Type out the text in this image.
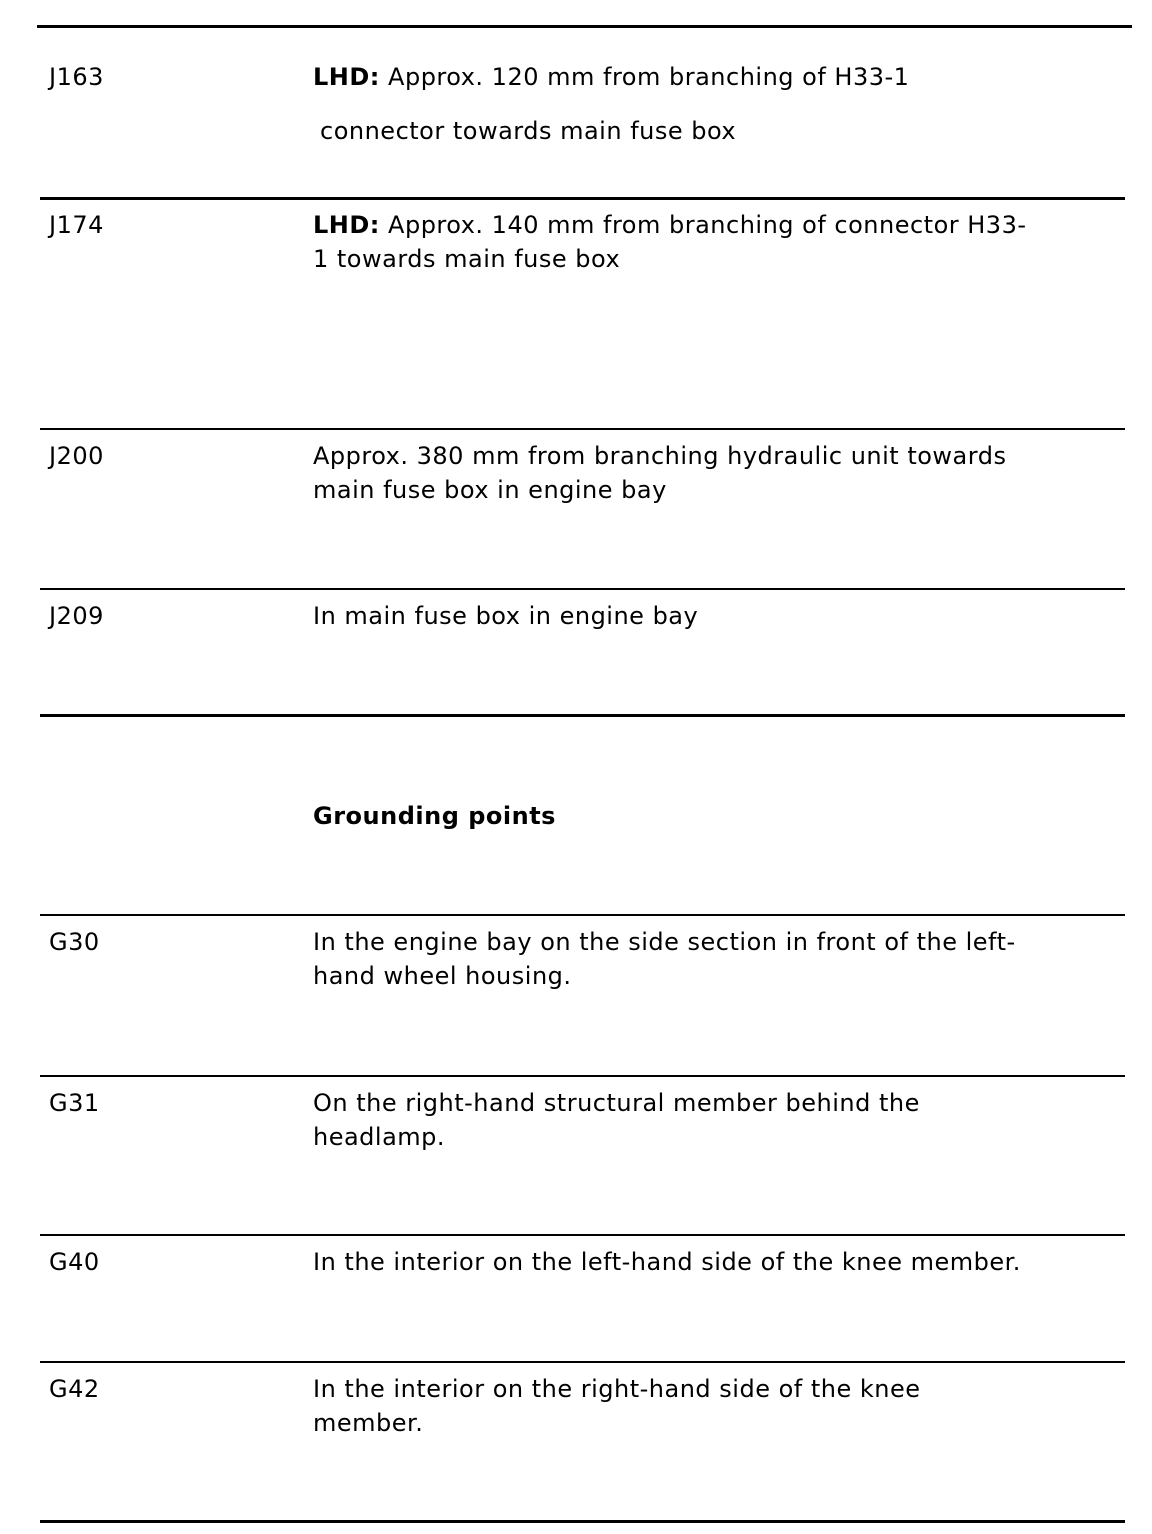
J163	LHD: Approx. 120 mm from branching of H33-1
connector towards main fuse box
J174	LHD: Approx. 140 mm from branching of connector H33-
1 towards main fuse box
J200	Approx. 380 mm from branching hydraulic unit towards
main fuse box in engine bay
J209	In main fuse box in engine bay
Grounding points
G30	In the engine bay on the side section in front of the left-
hand wheel housing.
G31	On the right-hand structural member behind the
headlamp.
G40	In the interior on the left-hand side of the knee member.
G42	In the interior on the right-hand side of the knee
member.
